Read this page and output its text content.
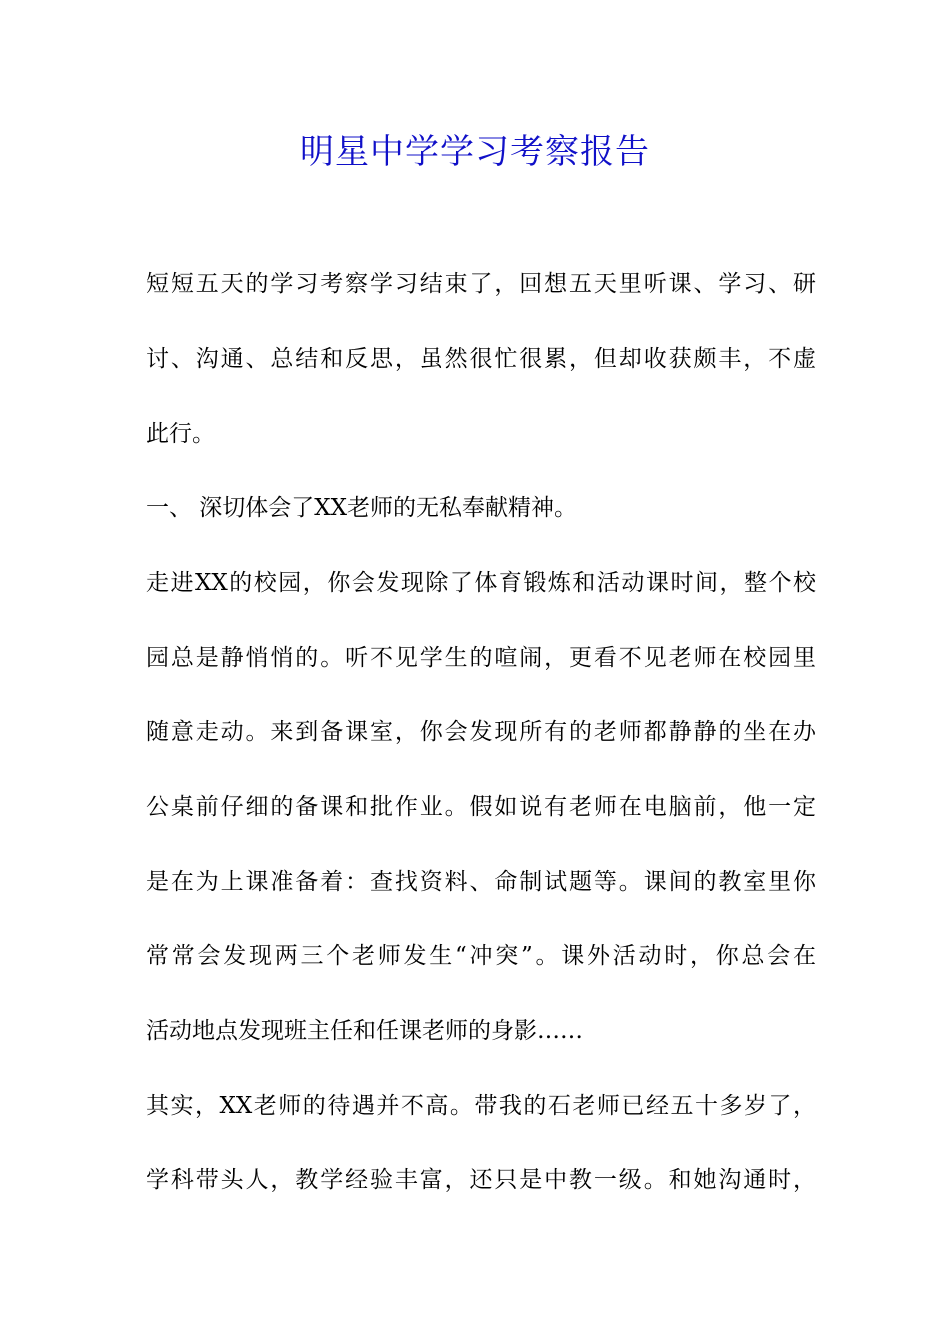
明星中学学习考察报告

短短五天的学习考察学习结束了，回想五天里听课、学习、研

讨、沟通、总结和反思，虽然很忙很累，但却收获颇丰，不虚

此行。

一、 深切体会了XX老师的无私奉献精神。

走进XX的校园，你会发现除了体育锻炼和活动课时间，整个校

园总是静悄悄的。听不见学生的喧闹，更看不见老师在校园里

随意走动。来到备课室，你会发现所有的老师都静静的坐在办

公桌前仔细的备课和批作业。假如说有老师在电脑前，他一定

是在为上课准备着：查找资料、命制试题等。课间的教室里你

常常会发现两三个老师发生“冲突”。课外活动时，你总会在

活动地点发现班主任和任课老师的身影……

其实，XX老师的待遇并不高。带我的石老师已经五十多岁了，

学科带头人，教学经验丰富，还只是中教一级。和她沟通时，
